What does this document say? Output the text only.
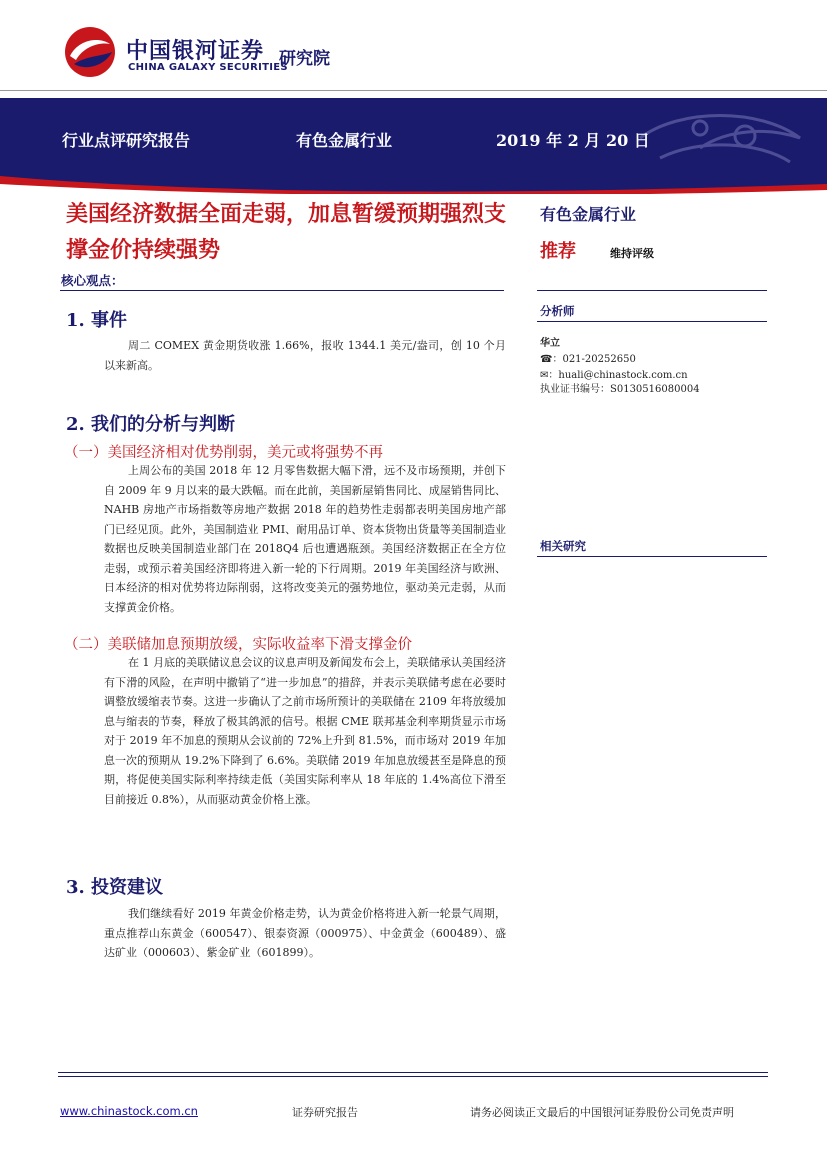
中国银河证券
CHINA GALAXY SECURITIES
研究院
行业点评研究报告	有色金属行业	2019 年 2 月 20 日
美国经济数据全面走弱，加息暂缓预期强烈支撑金价持续强势
核心观点：
1. 事件
周二 COMEX 黄金期货收涨 1.66%，报收 1344.1 美元/盎司，创 10 个月以来新高。
2. 我们的分析与判断
（一）美国经济相对优势削弱，美元或将强势不再
上周公布的美国 2018 年 12 月零售数据大幅下滑，远不及市场预期，并创下自 2009 年 9 月以来的最大跌幅。而在此前，美国新屋销售同比、成屋销售同比、NAHB 房地产市场指数等房地产数据 2018 年的趋势性走弱都表明美国房地产部门已经见顶。此外，美国制造业 PMI、耐用品订单、资本货物出货量等美国制造业数据也反映美国制造业部门在 2018Q4 后也遭遇瓶颈。美国经济数据正在全方位走弱，或预示着美国经济即将进入新一轮的下行周期。2019 年美国经济与欧洲、日本经济的相对优势将边际削弱，这将改变美元的强势地位，驱动美元走弱，从而支撑黄金价格。
（二）美联储加息预期放缓，实际收益率下滑支撑金价
在 1 月底的美联储议息会议的议息声明及新闻发布会上，美联储承认美国经济有下滑的风险，在声明中撤销了“进一步加息”的措辞，并表示美联储考虑在必要时调整放缓缩表节奏。这进一步确认了之前市场所预计的美联储在 2109 年将放缓加息与缩表的节奏，释放了极其鸽派的信号。根据 CME 联邦基金利率期货显示市场对于 2019 年不加息的预期从会议前的 72%上升到 81.5%，而市场对 2019 年加息一次的预期从 19.2%下降到了 6.6%。美联储 2019 年加息放缓甚至是降息的预期，将促使美国实际利率持续走低（美国实际利率从 18 年底的 1.4%高位下滑至目前接近 0.8%），从而驱动黄金价格上涨。
3. 投资建议
我们继续看好 2019 年黄金价格走势，认为黄金价格将进入新一轮景气周期，重点推荐山东黄金（600547）、银泰资源（000975）、中金黄金（600489）、盛达矿业（000603）、紫金矿业（601899）。
有色金属行业
推荐	维持评级
分析师
华立
☎：021-20252650
✉：huali@chinastock.com.cn
执业证书编号：S0130516080004
相关研究
www.chinastock.com.cn	证券研究报告	请务必阅读正文最后的中国银河证券股份公司免责声明
